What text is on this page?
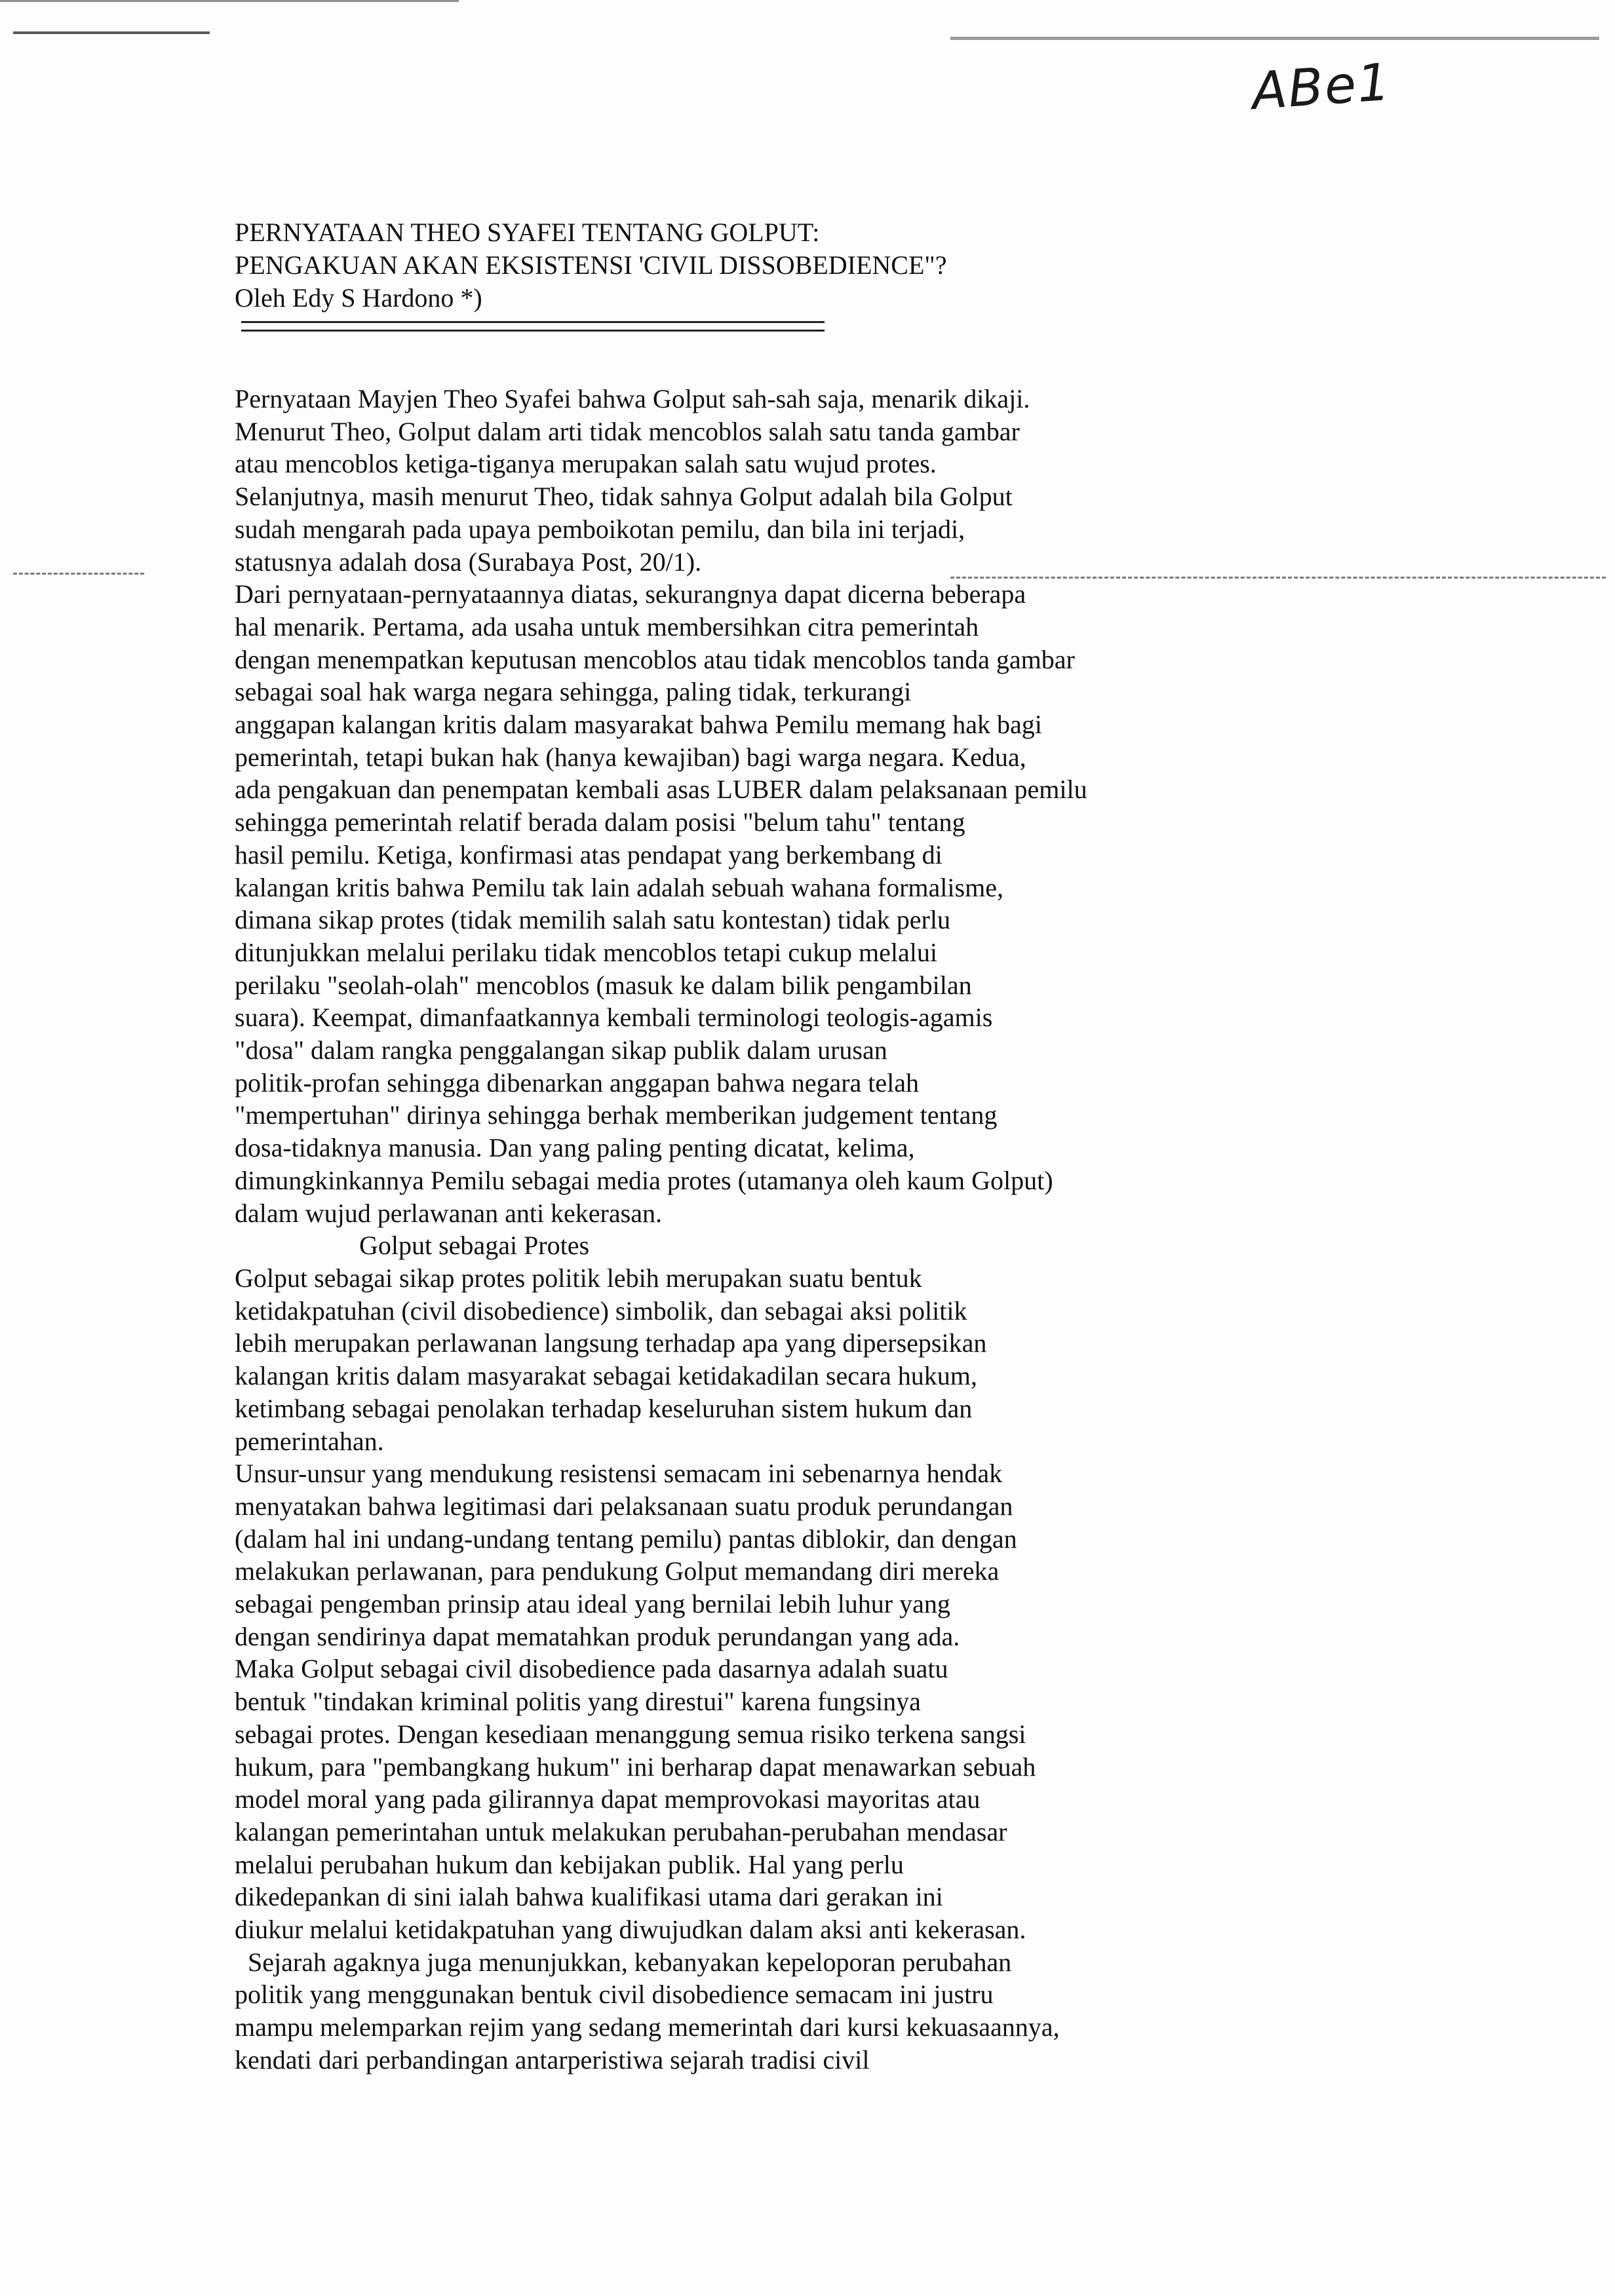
ABe1
PERNYATAAN THEO SYAFEI TENTANG GOLPUT:
PENGAKUAN AKAN EKSISTENSI 'CIVIL DISSOBEDIENCE"?
Oleh Edy S Hardono *)
Pernyataan Mayjen Theo Syafei bahwa Golput sah-sah saja, menarik dikaji.
Menurut Theo, Golput dalam arti tidak mencoblos salah satu tanda gambar
atau mencoblos ketiga-tiganya merupakan salah satu wujud protes.
Selanjutnya, masih menurut Theo, tidak sahnya Golput adalah bila Golput
sudah mengarah pada upaya pemboikotan pemilu, dan bila ini terjadi,
statusnya adalah dosa (Surabaya Post, 20/1).
Dari pernyataan-pernyataannya diatas, sekurangnya dapat dicerna beberapa
hal menarik. Pertama, ada usaha untuk membersihkan citra pemerintah
dengan menempatkan keputusan mencoblos atau tidak mencoblos tanda gambar
sebagai soal hak warga negara sehingga, paling tidak, terkurangi
anggapan kalangan kritis dalam masyarakat bahwa Pemilu memang hak bagi
pemerintah, tetapi bukan hak (hanya kewajiban) bagi warga negara. Kedua,
ada pengakuan dan penempatan kembali asas LUBER dalam pelaksanaan pemilu
sehingga pemerintah relatif berada dalam posisi "belum tahu" tentang
hasil pemilu. Ketiga, konfirmasi atas pendapat yang berkembang di
kalangan kritis bahwa Pemilu tak lain adalah sebuah wahana formalisme,
dimana sikap protes (tidak memilih salah satu kontestan) tidak perlu
ditunjukkan melalui perilaku tidak mencoblos tetapi cukup melalui
perilaku "seolah-olah" mencoblos (masuk ke dalam bilik pengambilan
suara). Keempat, dimanfaatkannya kembali terminologi teologis-agamis
"dosa" dalam rangka penggalangan sikap publik dalam urusan
politik-profan sehingga dibenarkan anggapan bahwa negara telah
"mempertuhan" dirinya sehingga berhak memberikan judgement tentang
dosa-tidaknya manusia. Dan yang paling penting dicatat, kelima,
dimungkinkannya Pemilu sebagai media protes (utamanya oleh kaum Golput)
dalam wujud perlawanan anti kekerasan.
Golput sebagai Protes
Golput sebagai sikap protes politik lebih merupakan suatu bentuk
ketidakpatuhan (civil disobedience) simbolik, dan sebagai aksi politik
lebih merupakan perlawanan langsung terhadap apa yang dipersepsikan
kalangan kritis dalam masyarakat sebagai ketidakadilan secara hukum,
ketimbang sebagai penolakan terhadap keseluruhan sistem hukum dan
pemerintahan.
Unsur-unsur yang mendukung resistensi semacam ini sebenarnya hendak
menyatakan bahwa legitimasi dari pelaksanaan suatu produk perundangan
(dalam hal ini undang-undang tentang pemilu) pantas diblokir, dan dengan
melakukan perlawanan, para pendukung Golput memandang diri mereka
sebagai pengemban prinsip atau ideal yang bernilai lebih luhur yang
dengan sendirinya dapat mematahkan produk perundangan yang ada.
Maka Golput sebagai civil disobedience pada dasarnya adalah suatu
bentuk "tindakan kriminal politis yang direstui" karena fungsinya
sebagai protes. Dengan kesediaan menanggung semua risiko terkena sangsi
hukum, para "pembangkang hukum" ini berharap dapat menawarkan sebuah
model moral yang pada gilirannya dapat memprovokasi mayoritas atau
kalangan pemerintahan untuk melakukan perubahan-perubahan mendasar
melalui perubahan hukum dan kebijakan publik. Hal yang perlu
dikedepankan di sini ialah bahwa kualifikasi utama dari gerakan ini
diukur melalui ketidakpatuhan yang diwujudkan dalam aksi anti kekerasan.
Sejarah agaknya juga menunjukkan, kebanyakan kepeloporan perubahan
politik yang menggunakan bentuk civil disobedience semacam ini justru
mampu melemparkan rejim yang sedang memerintah dari kursi kekuasaannya,
kendati dari perbandingan antarperistiwa sejarah tradisi civil
